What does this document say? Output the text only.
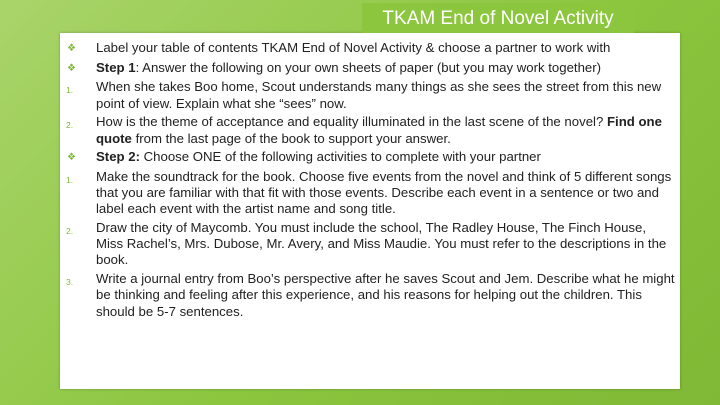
TKAM End of Novel Activity
❖	Label your table of contents TKAM End of Novel Activity & choose a partner to work with
❖	Step 1: Answer the following on your own sheets of paper (but you may work together)
1.	When she takes Boo home, Scout understands many things as she sees the street from this new point of view. Explain what she “sees” now.
2.	How is the theme of acceptance and equality illuminated in the last scene of the novel? Find one quote from the last page of the book to support your answer.
❖	Step 2: Choose ONE of the following activities to complete with your partner
1.	Make the soundtrack for the book. Choose five events from the novel and think of 5 different songs that you are familiar with that fit with those events. Describe each event in a sentence or two and label each event with the artist name and song title.
2.	Draw the city of Maycomb. You must include the school, The Radley House, The Finch House, Miss Rachel’s, Mrs. Dubose, Mr. Avery, and Miss Maudie. You must refer to the descriptions in the book.
3.	Write a journal entry from Boo’s perspective after he saves Scout and Jem. Describe what he might be thinking and feeling after this experience, and his reasons for helping out the children. This should be 5-7 sentences.
